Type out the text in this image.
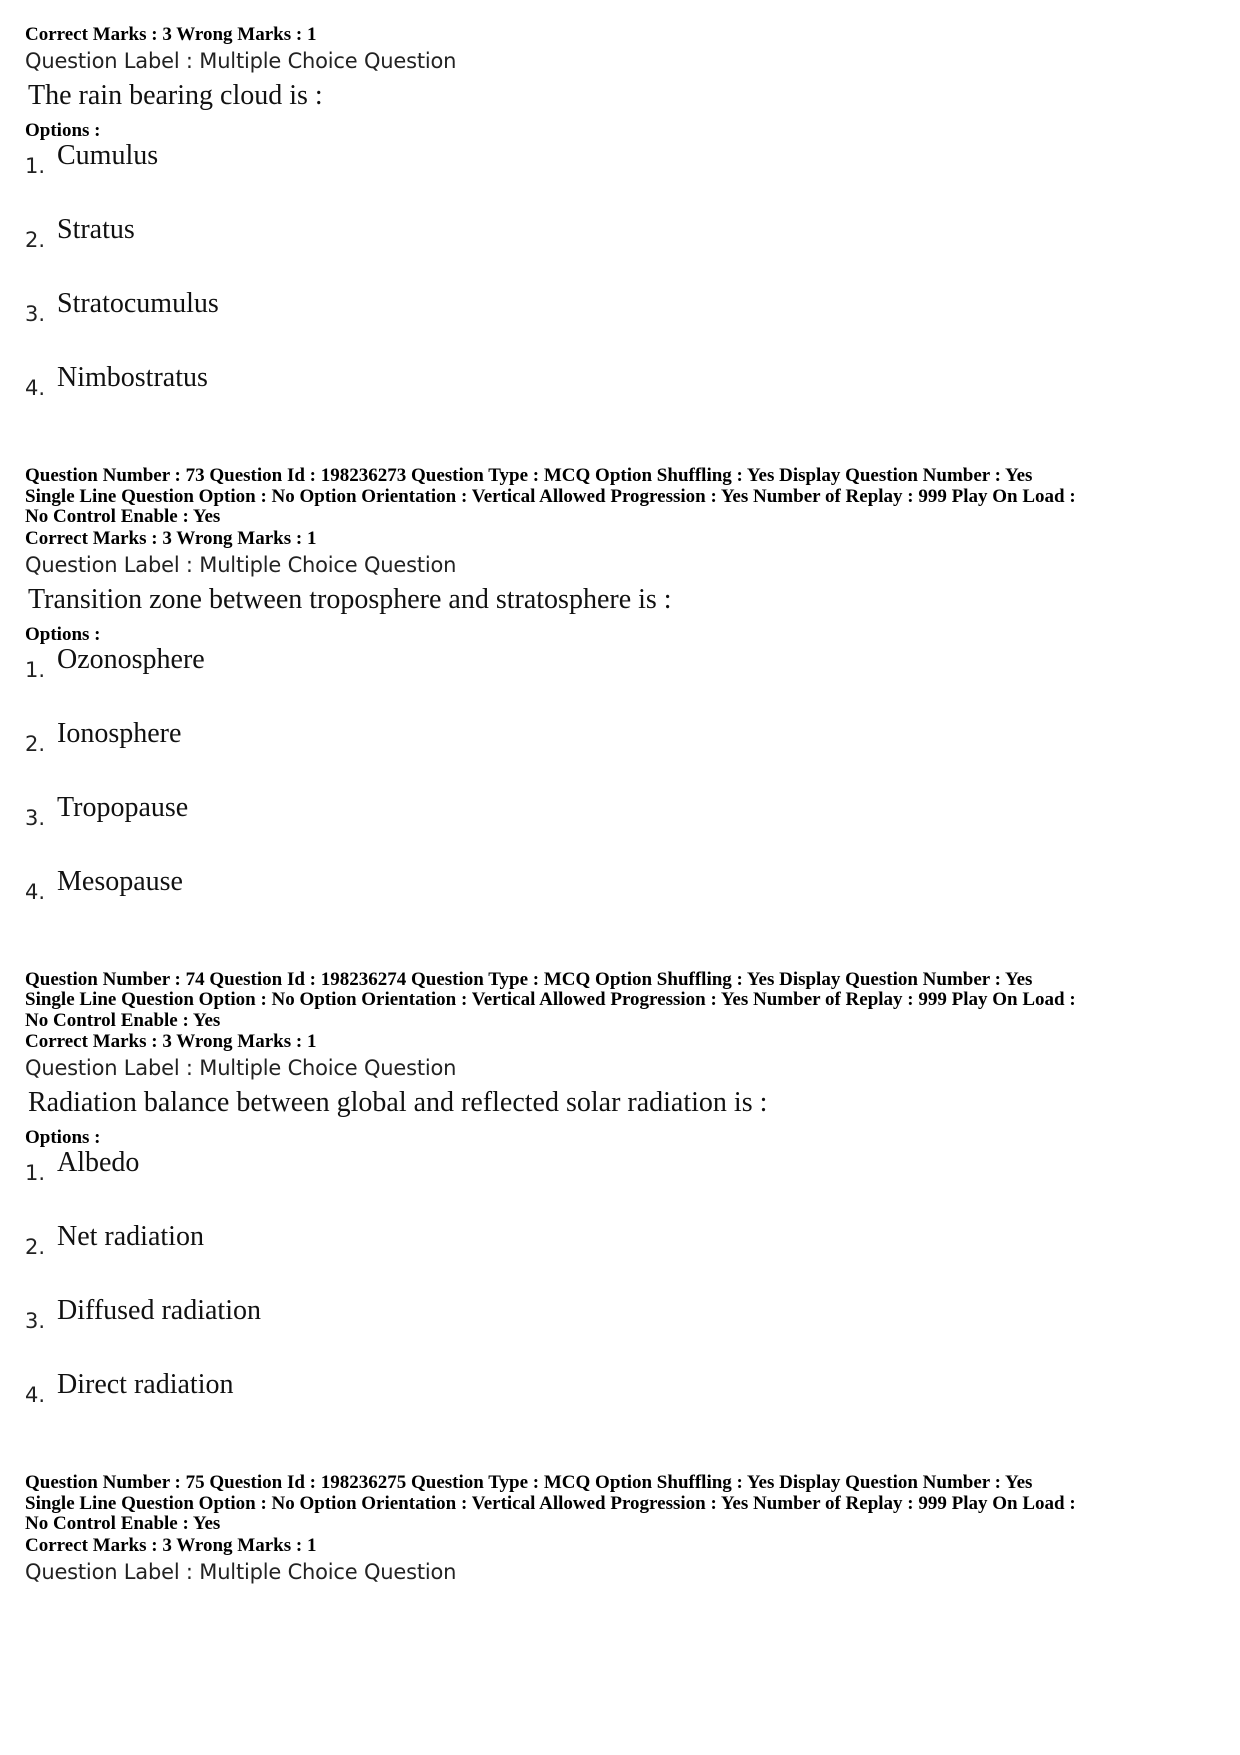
Correct Marks : 3 Wrong Marks : 1
Question Label : Multiple Choice Question
The rain bearing cloud is :
Options :
1. Cumulus
2. Stratus
3. Stratocumulus
4. Nimbostratus
Question Number : 73 Question Id : 198236273 Question Type : MCQ Option Shuffling : Yes Display Question Number : Yes
Single Line Question Option : No Option Orientation : Vertical Allowed Progression : Yes Number of Replay : 999 Play On Load :
No Control Enable : Yes
Correct Marks : 3 Wrong Marks : 1
Question Label : Multiple Choice Question
Transition zone between troposphere and stratosphere is :
Options :
1. Ozonosphere
2. Ionosphere
3. Tropopause
4. Mesopause
Question Number : 74 Question Id : 198236274 Question Type : MCQ Option Shuffling : Yes Display Question Number : Yes
Single Line Question Option : No Option Orientation : Vertical Allowed Progression : Yes Number of Replay : 999 Play On Load :
No Control Enable : Yes
Correct Marks : 3 Wrong Marks : 1
Question Label : Multiple Choice Question
Radiation balance between global and reflected solar radiation is :
Options :
1. Albedo
2. Net radiation
3. Diffused radiation
4. Direct radiation
Question Number : 75 Question Id : 198236275 Question Type : MCQ Option Shuffling : Yes Display Question Number : Yes
Single Line Question Option : No Option Orientation : Vertical Allowed Progression : Yes Number of Replay : 999 Play On Load :
No Control Enable : Yes
Correct Marks : 3 Wrong Marks : 1
Question Label : Multiple Choice Question
